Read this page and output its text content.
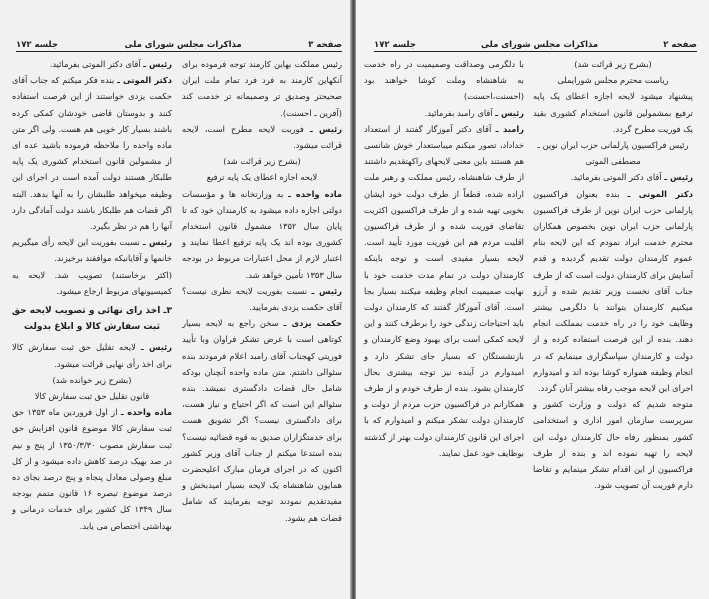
صفحه ۳
مذاکرات مجلس شورای ملی
جلسه ۱۷۲

رئیس مملکت بهاین کارمند توجه فرموده برای آنکهاین کارمند به فرد فرد تمام ملت ایران صحیحتر وصدیق تر وصمیمانه تر خدمت کند (آفرین ـ احسنت).

رئیس ـ فوریت لایحه مطرح است، لایحه قرائت میشود.

(بشرح زیر قرائت شد)

لایحه اجازه اعطای یک پایه ترفیع

ماده واحده ـ به وزارتخانه ها و مؤسسات دولتی اجازه داده میشود به کارمندان خود که تا پایان سال ۱۳۵۲ مشمول قانون استخدام کشوری بوده اند یک پایه ترفیع اعطا نمایند و اعتبار لازم از محل اعتبارات مربوط در بودجه سال ۱۳۵۳ تأمین خواهد شد.

رئیس ـ نسبت بفوریت لایحه نظری نیست؟ آقای حکمت یزدی بفرمایید.

حکمت یزدی ـ سخن راجع به لایحه بسیار کوتاهی است با عرض تشکر فراوان وبا تأیید فوریتی کهجناب آقای رامبد اعلام فرمودند بنده سئوالی داشتم. متن ماده واحده آنچنان بودکه شامل حال قضات دادگستری نمیشد. بنده سئوالم این است که اگر احتیاج و نیاز هست، برای دادگستری نیست؟ اگر تشویق هست برای خدمتگزاران صدیق به قوه قضائیه نیست؟ بنده استدعا میکنم از جناب آقای وزیر کشور اکنون که در اجرای فرمان مبارک اعلیحضرت همایون شاهنشاه یک لایحه بسیار امیدبخش و مفیدتقدیم نمودند توجه بفرمایند که شامل قضات هم بشود.

رئیس ـ آقای دکتر الموتی بفرمائید.

دکتر الموتی ـ بنده فکر میکنم که جناب آقای حکمت یزدی خواستند از این فرصت استفاده کنند و بدوستان قاضی خودشان کمکی کرده باشند بسیار کار خوبی هم هست. ولی اگر متن ماده واحده را ملاحظه فرموده باشید عده ای از مشمولین قانون استخدام کشوری یک پایه طلبکار هستند دولت آمده است در اجرای این وظیفه میخواهد طلبشان را به آنها بدهد. البته اگر قضات هم طلبکار باشند دولت آمادگی دارد آنها را هم در نظر بگیرد.

رئیس ـ نسبت بفوریت این لایحه رأی میگیریم خانمها و آقایانیکه موافقند برخیزند.

(اکثر برخاستند) تصویب شد. لایحه به کمیسیونهای مربوط ارجاع میشود.

۳ـ اخذ رای نهائی و تصویب لایحه حق ثبت سفارش کالا و ابلاغ بدولت

رئیس ـ لایحه تقلیل حق ثبت سفارش کالا برای اخذ رأی نهایی قرائت میشود.

(بشرح زیر خوانده شد)

قانون تقلیل حق ثبت سفارش کالا

ماده واحده ـ از اول فروردین ماه ۱۳۵۳ حق ثبت سفارش کالا موضوع قانون افزایش حق ثبت سفارش مصوب ۱۳۵۰/۳/۳۰ از پنج و نیم در صد بهیک درصد کاهش داده میشود و از کل مبلغ وصولی معادل پنجاه و پنج درصد بجای ده درصد موضوع تبصره ۱۶ قانون متمم بودجه سال ۱۳۴۹ کل کشور برای خدمات درمانی و بهداشتی اختصاص می یابد.

صفحه ۲
مذاکرات مجلس شورای ملی
جلسه ۱۷۲

(بشرح زیر قرائت شد)

ریاست محترم مجلس شورایملی

پیشنهاد میشود لایحه اجازه اعطای یک پایه ترفیع بمشمولین قانون استخدام کشوری بقید یک فوریت مطرح گردد.

رئیس فراکسیون پارلمانی حزب ایران نوین ـ

مصطفی الموتی

رئیس ـ آقای دکتر الموتی بفرمائید.

دکتر الموتی ـ بنده بعنوان فراکسیون پارلمانی حزب ایران نوین از طرف فراکسیون پارلمانی حزب ایران نوین بخصوص همکاران محترم خدمت ایراد نمودم که این لایحه بنام عموم کارمندان دولت تقدیم گردیده و قدم آسایش برای کارمندان دولت است که از طرف جناب آقای نخست وزیر تقدیم شده و آرزو میکنیم کارمندان بتوانند با دلگرمی بیشتر وظایف خود را در راه خدمت بمملکت انجام دهند. بنده از این فرصت استفاده کرده و از دولت و کارمندان سپاسگزاری مینمایم که در انجام وظیفه همواره کوشا بوده اند و امیدوارم اجرای این لایحه موجب رفاه بیشتر آنان گردد.

متوجه شدیم که دولت و وزارت کشور و سرپرست سازمان امور اداری و استخدامی کشور بمنظور رفاه حال کارمندان دولت این لایحه را تهیه نموده اند و بنده از طرف فراکسیون از این اقدام تشکر مینمایم و تقاضا دارم فوریت آن تصویب شود.

با دلگرمی وصداقت وصمیمیت در راه خدمت به شاهنشاه وملت کوشا خواهند بود (احسنت،احسنت)

رئیس ـ آقای رامبد بفرمائید.

رامبد ـ آقای دکتر آموزگار گفتند از استعداد خداداد، تصور میکنم میباستعدار خوش شانسی هم هستند باین معنی لایحهای راکهتقدیم داشتند از طرف شاهنشاه، رئیس مملکت و رهبر ملت اراده شده، قطعاً از طرف دولت خود ایشان بخوبی تهیه شده و از طرف فراکسیون اکثریت تقاضای فوریت شده و از طرف فراکسیون اقلیت مردم هم این فوریت مورد تأیید است. لایحه بسیار مفیدی است و توجه باینکه کارمندان دولت در تمام مدت خدمت خود با نهایت صمیمیت انجام وظیفه میکنند بسیار بجا است. آقای آموزگار گفتند که کارمندان دولت باید احتیاجات زندگی خود را برطرف کنند و این لایحه کمکی است برای بهبود وضع کارمندان و بازنشستگان که بسیار جای تشکر دارد و امیدوارم در آینده نیز توجه بیشتری بحال کارمندان بشود. بنده از طرف خودم و از طرف همکارانم در فراکسیون حزب مردم از دولت و کارمندان دولت تشکر میکنم و امیدوارم که با اجرای این قانون کارمندان دولت بهتر از گذشته بوظایف خود عمل نمایند.
